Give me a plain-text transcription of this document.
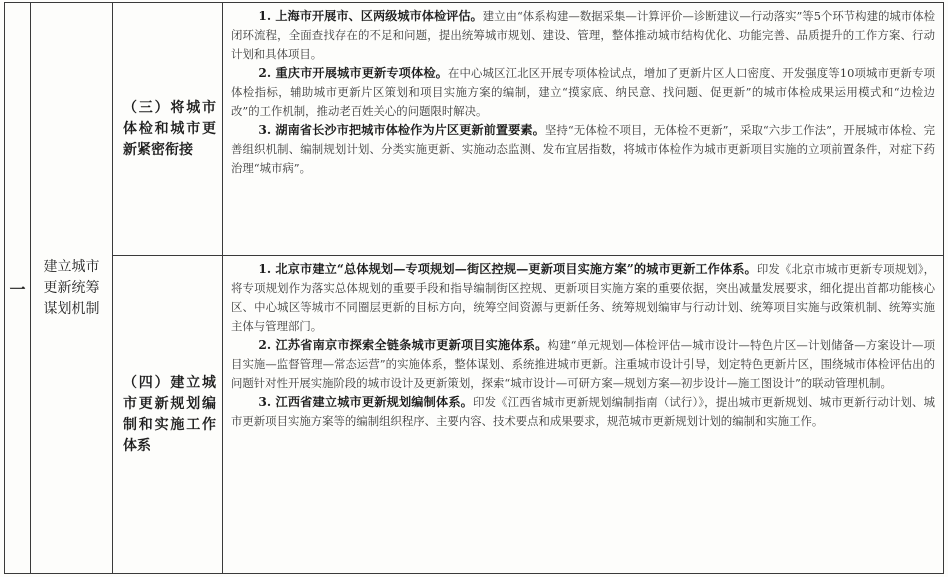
一	建立城市更新统筹谋划机制	（三）将城市体检和城市更新紧密衔接	1. 上海市开展市、区两级城市体检评估。建立由“体系构建—数据采集—计算评价—诊断建议—行动落实”等5个环节构建的城市体检闭环流程，全面查找存在的不足和问题，提出统筹城市规划、建设、管理，整体推动城市结构优化、功能完善、品质提升的工作方案、行动计划和具体项目。

2. 重庆市开展城市更新专项体检。在中心城区江北区开展专项体检试点，增加了更新片区人口密度、开发强度等10项城市更新专项体检指标，辅助城市更新片区策划和项目实施方案的编制，建立“摸家底、纳民意、找问题、促更新”的城市体检成果运用模式和“边检边改”的工作机制，推动老百姓关心的问题限时解决。

3. 湖南省长沙市把城市体检作为片区更新前置要素。坚持“无体检不项目，无体检不更新”，采取“六步工作法”，开展城市体检、完善组织机制、编制规划计划、分类实施更新、实施动态监测、发布宜居指数，将城市体检作为城市更新项目实施的立项前置条件，对症下药治理“城市病”。

		（四）建立城市更新规划编制和实施工作体系	1. 北京市建立“总体规划—专项规划—街区控规—更新项目实施方案”的城市更新工作体系。印发《北京市城市更新专项规划》，将专项规划作为落实总体规划的重要手段和指导编制街区控规、更新项目实施方案的重要依据，突出减量发展要求，细化提出首都功能核心区、中心城区等城市不同圈层更新的目标方向，统筹空间资源与更新任务、统筹规划编审与行动计划、统筹项目实施与政策机制、统筹实施主体与管理部门。

2. 江苏省南京市探索全链条城市更新项目实施体系。构建“单元规划—体检评估—城市设计—特色片区—计划储备—方案设计—项目实施—监督管理—常态运营”的实施体系，整体谋划、系统推进城市更新。注重城市设计引导，划定特色更新片区，围绕城市体检评估出的问题针对性开展实施阶段的城市设计及更新策划，探索“城市设计—可研方案—规划方案—初步设计—施工图设计”的联动管理机制。

3. 江西省建立城市更新规划编制体系。印发《江西省城市更新规划编制指南（试行）》，提出城市更新规划、城市更新行动计划、城市更新项目实施方案等的编制组织程序、主要内容、技术要点和成果要求，规范城市更新规划计划的编制和实施工作。
